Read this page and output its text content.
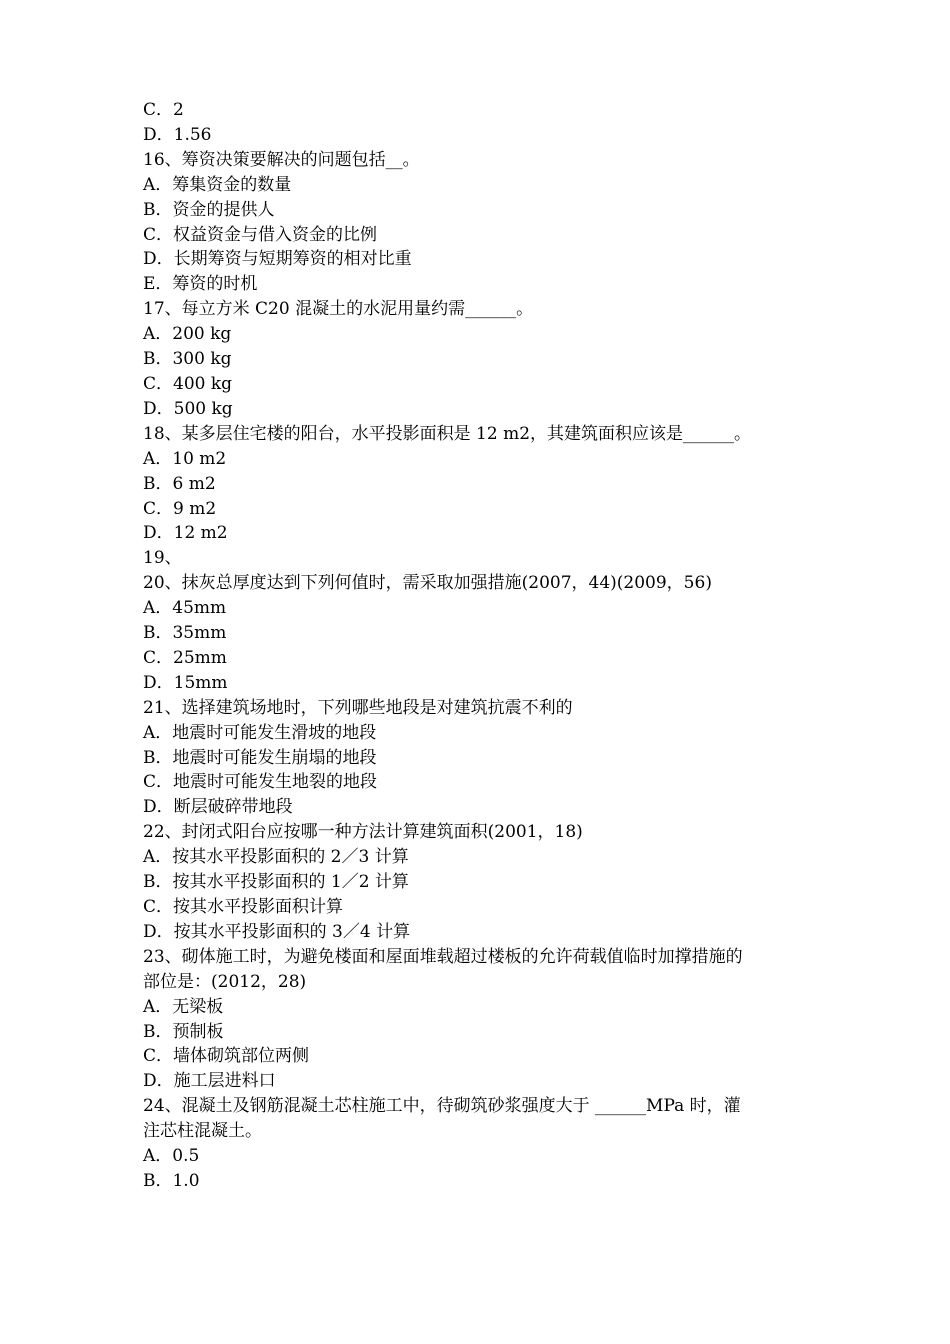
C．2
D．1.56
16、筹资决策要解决的问题包括__。
A．筹集资金的数量
B．资金的提供人
C．权益资金与借入资金的比例
D．长期筹资与短期筹资的相对比重
E．筹资的时机
17、每立方米 C20 混凝土的水泥用量约需______。
A．200 kg
B．300 kg
C．400 kg
D．500 kg
18、某多层住宅楼的阳台，水平投影面积是 12 m2，其建筑面积应该是______。
A．10 m2
B．6 m2
C．9 m2
D．12 m2
19、
20、抹灰总厚度达到下列何值时，需采取加强措施(2007，44)(2009，56)
A．45mm
B．35mm
C．25mm
D．15mm
21、选择建筑场地时，下列哪些地段是对建筑抗震不利的
A．地震时可能发生滑坡的地段
B．地震时可能发生崩塌的地段
C．地震时可能发生地裂的地段
D．断层破碎带地段
22、封闭式阳台应按哪一种方法计算建筑面积(2001，18)
A．按其水平投影面积的 2／3 计算
B．按其水平投影面积的 1／2 计算
C．按其水平投影面积计算
D．按其水平投影面积的 3／4 计算
23、砌体施工时，为避免楼面和屋面堆载超过楼板的允许荷载值临时加撑措施的
部位是：(2012，28)
A．无梁板
B．预制板
C．墙体砌筑部位两侧
D．施工层进料口
24、混凝土及钢筋混凝土芯柱施工中，待砌筑砂浆强度大于 ______MPa 时，灌
注芯柱混凝土。
A．0.5
B．1.0
